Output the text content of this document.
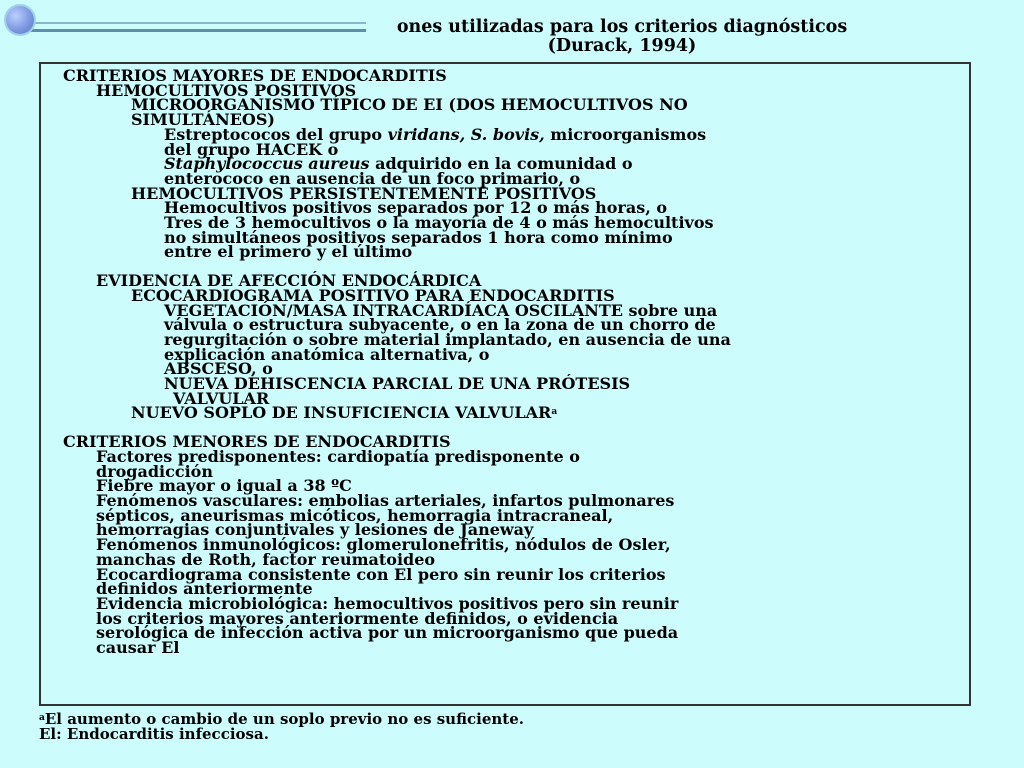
ones utilizadas para los criterios diagnósticos
(Durack, 1994)
CRITERIOS MAYORES DE ENDOCARDITIS
HEMOCULTIVOS POSITIVOS
MICROORGANISMO TÍPICO DE EI (DOS HEMOCULTIVOS NO
SIMULTÁNEOS)
Estreptococos del grupo viridans, S. bovis, microorganismos
del grupo HACEK o
Staphylococcus aureus adquirido en la comunidad o
enterococo en ausencia de un foco primario, o
HEMOCULTIVOS PERSISTENTEMENTE POSITIVOS
Hemocultivos positivos separados por 12 o más horas, o
Tres de 3 hemocultivos o la mayoría de 4 o más hemocultivos
no simultáneos positivos separados 1 hora como mínimo
entre el primero y el último
EVIDENCIA DE AFECCIÓN ENDOCÁRDICA
ECOCARDIOGRAMA POSITIVO PARA ENDOCARDITIS
VEGETACIÓN/MASA INTRACARDÍACA OSCILANTE sobre una
válvula o estructura subyacente, o en la zona de un chorro de
regurgitación o sobre material implantado, en ausencia de una
explicación anatómica alternativa, o
ABSCESO, o
NUEVA DEHISCENCIA PARCIAL DE UNA PRÓTESIS
VALVULAR
NUEVO SOPLO DE INSUFICIENCIA VALVULAR$^a$
CRITERIOS MENORES DE ENDOCARDITIS
Factores predisponentes: cardiopatía predisponente o
drogadicción
Fiebre mayor o igual a 38 ºC
Fenómenos vasculares: embolias arteriales, infartos pulmonares
sépticos, aneurismas micóticos, hemorragia intracraneal,
hemorragias conjuntivales y lesiones de Janeway
Fenómenos inmunológicos: glomerulonefritis, nódulos de Osler,
manchas de Roth, factor reumatoideo
Ecocardiograma consistente con El pero sin reunir los criterios
definidos anteriormente
Evidencia microbiológica: hemocultivos positivos pero sin reunir
los criterios mayores anteriormente definidos, o evidencia
serológica de infección activa por un microorganismo que pueda
causar El
$^a$El aumento o cambio de un soplo previo no es suficiente.
El: Endocarditis infecciosa.
